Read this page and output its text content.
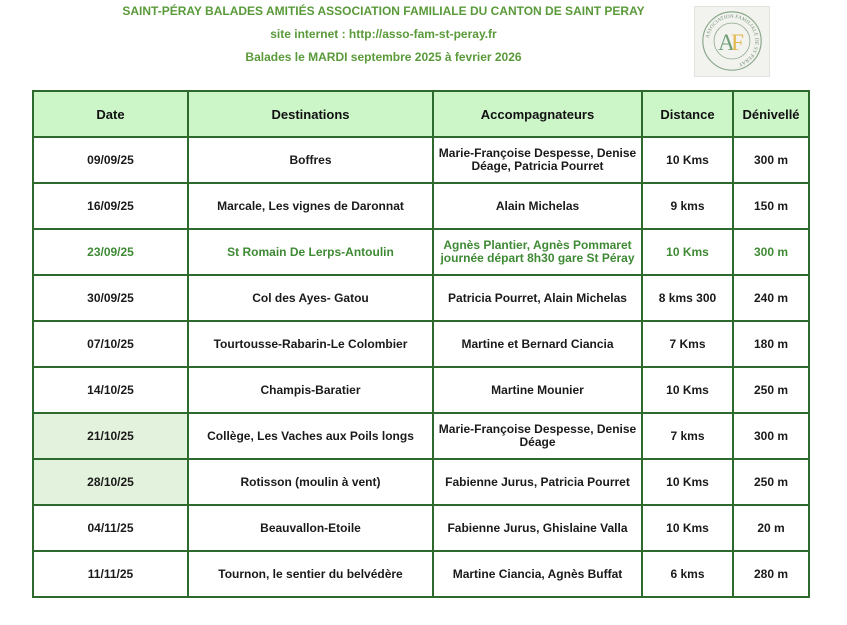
SAINT-PÉRAY BALADES AMITIÉS ASSOCIATION FAMILIALE DU CANTON DE SAINT PERAY
site internet : http://asso-fam-st-peray.fr
Balades le MARDI septembre 2025 à fevrier 2026
ASSOCIATION FAMILIALE DE ST PERAY
AF
Date	Destinations	Accompagnateurs	Distance	Dénivellé
09/09/25	Boffres	Marie-Françoise Despesse, Denise Déage, Patricia Pourret	10 Kms	300 m
16/09/25	Marcale, Les vignes de Daronnat	Alain Michelas	9 kms	150 m
23/09/25	St Romain De Lerps-Antoulin	Agnès Plantier, Agnès Pommaret journée départ 8h30 gare St Péray	10 Kms	300 m
30/09/25	Col des Ayes- Gatou	Patricia Pourret, Alain Michelas	8 kms 300	240 m
07/10/25	Tourtousse-Rabarin-Le Colombier	Martine et Bernard Ciancia	7 Kms	180 m
14/10/25	Champis-Baratier	Martine Mounier	10 Kms	250 m
21/10/25	Collège, Les Vaches aux Poils longs	Marie-Françoise Despesse, Denise Déage	7 kms	300 m
28/10/25	Rotisson (moulin à vent)	Fabienne Jurus, Patricia Pourret	10 Kms	250 m
04/11/25	Beauvallon-Etoile	Fabienne Jurus, Ghislaine Valla	10 Kms	20 m
11/11/25	Tournon, le sentier du belvédère	Martine Ciancia, Agnès Buffat	6 kms	280 m
